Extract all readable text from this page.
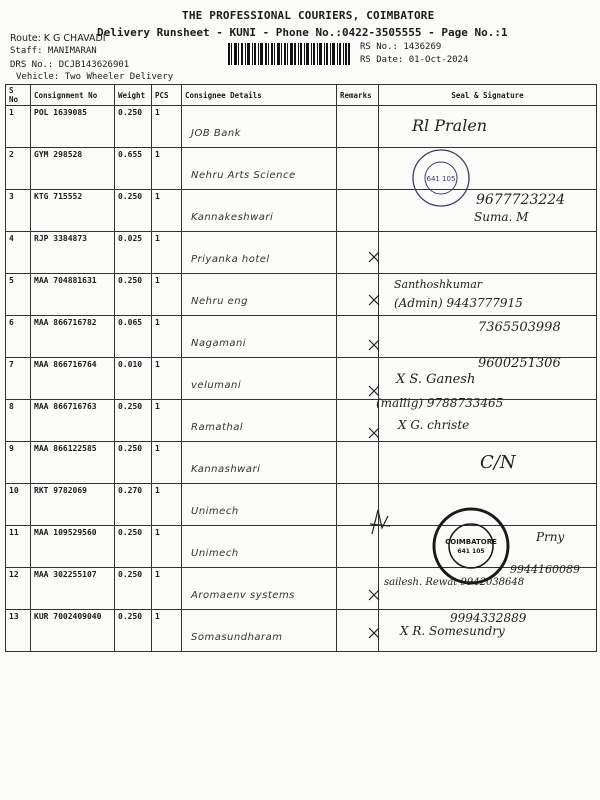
THE PROFESSIONAL COURIERS, COIMBATORE
Delivery Runsheet - KUNI - Phone No.:0422-3505555 - Page No.:1
Route: K G CHAVADI
Staff: MANIMARAN
DRS No.: DCJB143626901
Vehicle: Two Wheeler Delivery
RS No.: 1436269
RS Date: 01-Oct-2024
S No	Consignment No	Weight	PCS	Consignee Details	Remarks	Seal & Signature
1	POL 1639085	0.250	1	JOB Bank		

2	GYM 298528	0.655	1	Nehru Arts Science		

3	KTG 715552	0.250	1	Kannakeshwari		

4	RJP 3384873	0.025	1	Priyanka hotel		

5	MAA 704881631	0.250	1	Nehru eng		

6	MAA 866716782	0.065	1	Nagamani		

7	MAA 866716764	0.010	1	velumani		

8	MAA 866716763	0.250	1	Ramathal		

9	MAA 866122585	0.250	1	Kannashwari		

10	RKT 9782069	0.270	1	Unimech		

11	MAA 109529560	0.250	1	Unimech		

12	MAA 302255107	0.250	1	Aromaenv systems		

13	KUR 7002409040	0.250	1	Somasundharam		

Rl Pralen
9677723224
Suma. M
Santhoshkumar
(Admin) 9443777915
7365503998
9600251306
X S. Ganesh
(mallig) 9788733465
X G. christe
C/N
Prny
9944160089
sailesh. Rewat 9942038648
9994332889
X R. Somesundry
641 105
COIMBATORE
641 105
